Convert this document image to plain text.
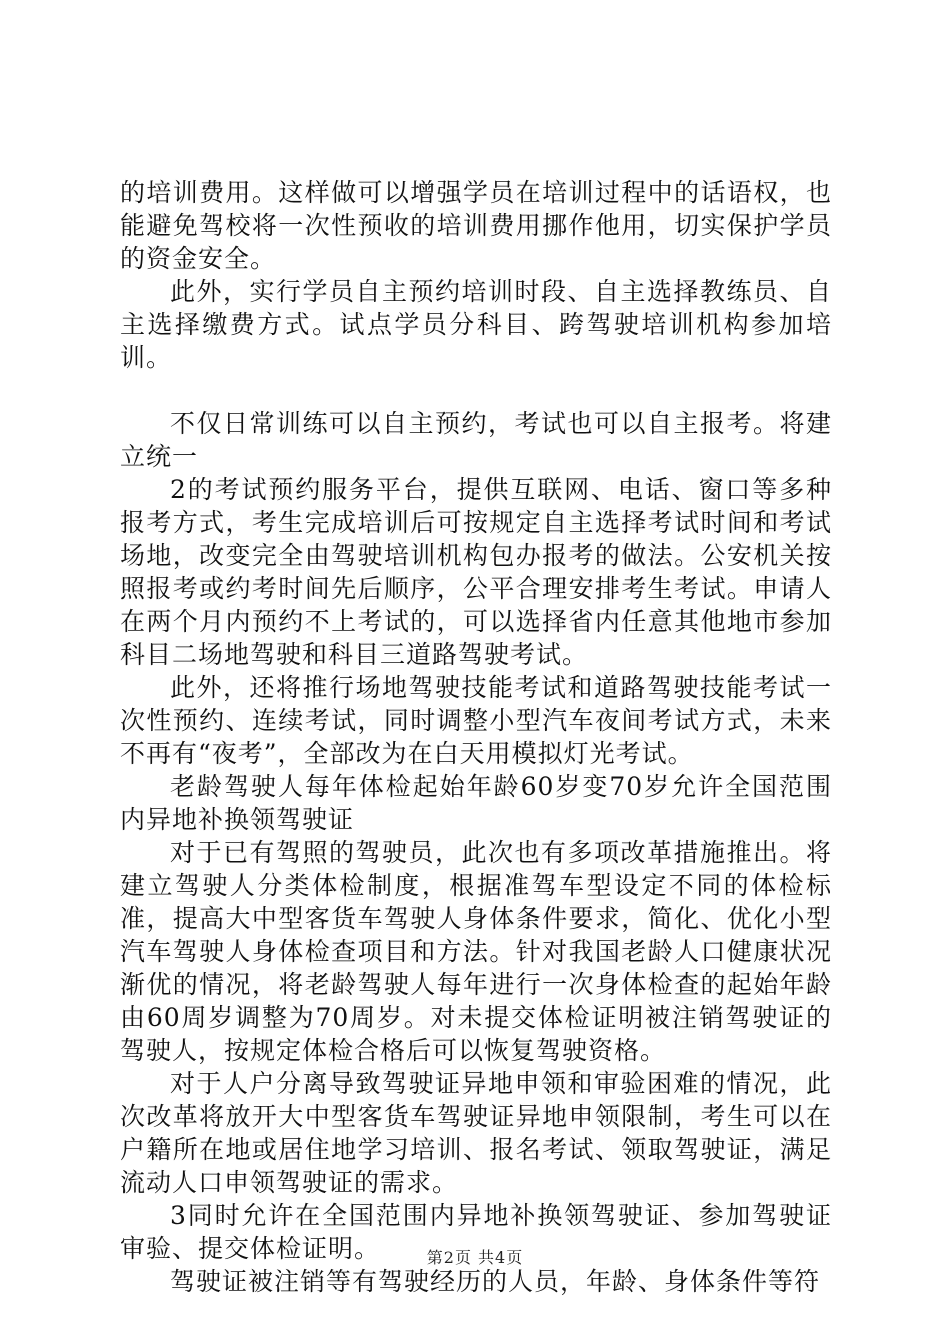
的培训费用。这样做可以增强学员在培训过程中的话语权，也能避免驾校将一次性预收的培训费用挪作他用，切实保护学员的资金安全。

此外，实行学员自主预约培训时段、自主选择教练员、自主选择缴费方式。试点学员分科目、跨驾驶培训机构参加培训。

不仅日常训练可以自主预约，考试也可以自主报考。将建立统一

2的考试预约服务平台，提供互联网、电话、窗口等多种报考方式，考生完成培训后可按规定自主选择考试时间和考试场地，改变完全由驾驶培训机构包办报考的做法。公安机关按照报考或约考时间先后顺序，公平合理安排考生考试。申请人在两个月内预约不上考试的，可以选择省内任意其他地市参加科目二场地驾驶和科目三道路驾驶考试。

此外，还将推行场地驾驶技能考试和道路驾驶技能考试一次性预约、连续考试，同时调整小型汽车夜间考试方式，未来不再有“夜考”，全部改为在白天用模拟灯光考试。

老龄驾驶人每年体检起始年龄60岁变70岁允许全国范围内异地补换领驾驶证

对于已有驾照的驾驶员，此次也有多项改革措施推出。将建立驾驶人分类体检制度，根据准驾车型设定不同的体检标准，提高大中型客货车驾驶人身体条件要求，简化、优化小型汽车驾驶人身体检查项目和方法。针对我国老龄人口健康状况渐优的情况，将老龄驾驶人每年进行一次身体检查的起始年龄由60周岁调整为70周岁。对未提交体检证明被注销驾驶证的驾驶人，按规定体检合格后可以恢复驾驶资格。

对于人户分离导致驾驶证异地申领和审验困难的情况，此次改革将放开大中型客货车驾驶证异地申领限制，考生可以在户籍所在地或居住地学习培训、报名考试、领取驾驶证，满足流动人口申领驾驶证的需求。

3同时允许在全国范围内异地补换领驾驶证、参加驾驶证审验、提交体检证明。

驾驶证被注销等有驾驶经历的人员，年龄、身体条件等符

第2页 共4页
